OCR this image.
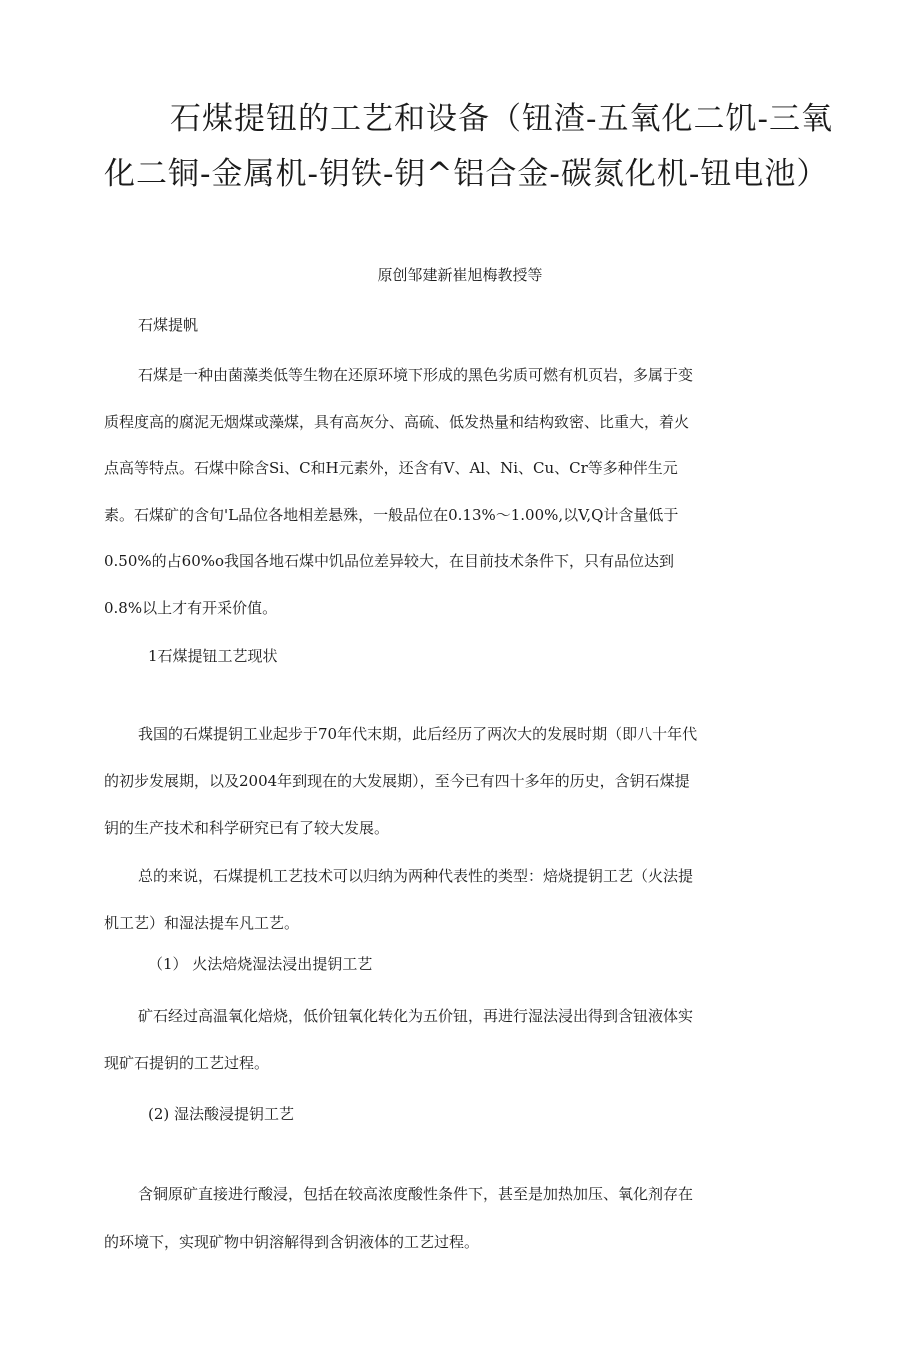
石煤提钮的工艺和设备（钮渣-五氧化二饥-三氧
化二铜-金属机-钥铁-钥^铝合金-碳氮化机-钮电池）
原创邹建新崔旭梅教授等
石煤提帆
石煤是一种由菌藻类低等生物在还原环境下形成的黑色劣质可燃有机页岩，多属于变
质程度高的腐泥无烟煤或藻煤，具有高灰分、高硫、低发热量和结构致密、比重大，着火
点高等特点。石煤中除含Si、C和H元素外，还含有V、Al、Ni、Cu、Cr等多种伴生元
素。石煤矿的含旬'L品位各地相差悬殊，一般品位在0.13%〜1.00%,以V,Q计含量低于
0.50%的占60%o我国各地石煤中饥品位差异较大，在目前技术条件下，只有品位达到
0.8%以上才有开采价值。
1石煤提钮工艺现状
我国的石煤提钥工业起步于70年代末期，此后经历了两次大的发展时期（即八十年代
的初步发展期，以及2004年到现在的大发展期），至今已有四十多年的历史，含钥石煤提
钥的生产技术和科学研究已有了较大发展。
总的来说，石煤提机工艺技术可以归纳为两种代表性的类型：焙烧提钥工艺（火法提
机工艺）和湿法提车凡工艺。
（1） 火法焙烧湿法浸出提钥工艺
矿石经过高温氧化焙烧，低价钮氧化转化为五价钮，再进行湿法浸出得到含钮液体实
现矿石提钥的工艺过程。
(2) 湿法酸浸提钥工艺
含铜原矿直接进行酸浸，包括在较高浓度酸性条件下，甚至是加热加压、氧化剂存在
的环境下，实现矿物中钥溶解得到含钥液体的工艺过程。
